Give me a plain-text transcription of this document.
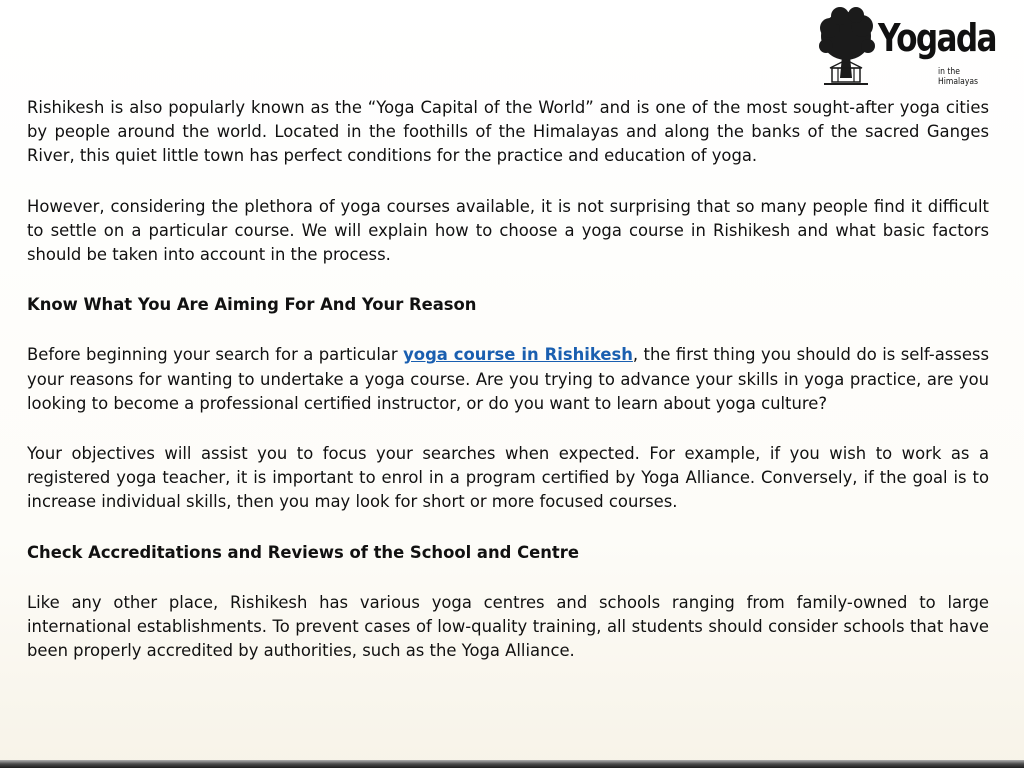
Yogada
in the Himalayas

Rishikesh is also popularly known as the “Yoga Capital of the World” and is one of the most sought-after yoga cities by people around the world. Located in the foothills of the Himalayas and along the banks of the sacred Ganges River, this quiet little town has perfect conditions for the practice and education of yoga.

However, considering the plethora of yoga courses available, it is not surprising that so many people find it difficult to settle on a particular course. We will explain how to choose a yoga course in Rishikesh and what basic factors should be taken into account in the process.

Know What You Are Aiming For And Your Reason

Before beginning your search for a particular yoga course in Rishikesh, the first thing you should do is self-assess your reasons for wanting to undertake a yoga course. Are you trying to advance your skills in yoga practice, are you looking to become a professional certified instructor, or do you want to learn about yoga culture?

Your objectives will assist you to focus your searches when expected. For example, if you wish to work as a registered yoga teacher, it is important to enrol in a program certified by Yoga Alliance. Conversely, if the goal is to increase individual skills, then you may look for short or more focused courses.

Check Accreditations and Reviews of the School and Centre

Like any other place, Rishikesh has various yoga centres and schools ranging from family-owned to large international establishments. To prevent cases of low-quality training, all students should consider schools that have been properly accredited by authorities, such as the Yoga Alliance.
